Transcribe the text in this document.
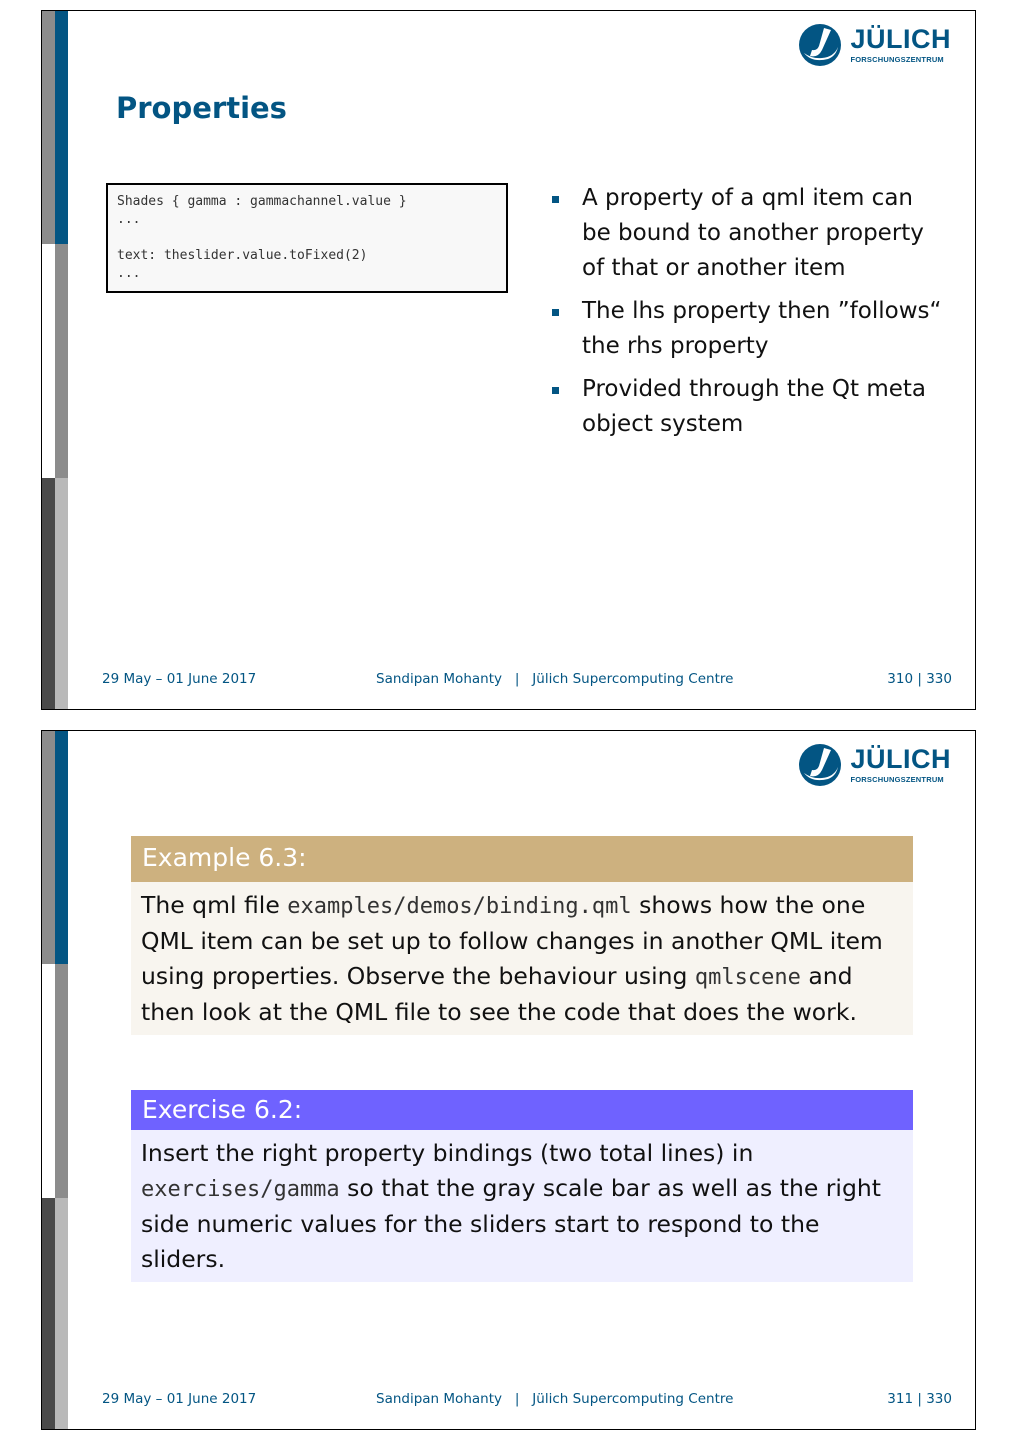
JÜLICH
FORSCHUNGSZENTRUM
Properties
Shades { gamma : gammachannel.value }
...
text: theslider.value.toFixed(2)
...
A property of a qml item can be bound to another property of that or another item
The lhs property then ”follows“ the rhs property
Provided through the Qt meta object system
29 May – 01 June 2017	Sandipan Mohanty | Jülich Supercomputing Centre	310 | 330
JÜLICH
FORSCHUNGSZENTRUM
Example 6.3:
The qml file examples/demos/binding.qml shows how the one QML item can be set up to follow changes in another QML item using properties. Observe the behaviour using qmlscene and then look at the QML file to see the code that does the work.
Exercise 6.2:
Insert the right property bindings (two total lines) in exercises/gamma so that the gray scale bar as well as the right side numeric values for the sliders start to respond to the sliders.
29 May – 01 June 2017	Sandipan Mohanty | Jülich Supercomputing Centre	311 | 330
